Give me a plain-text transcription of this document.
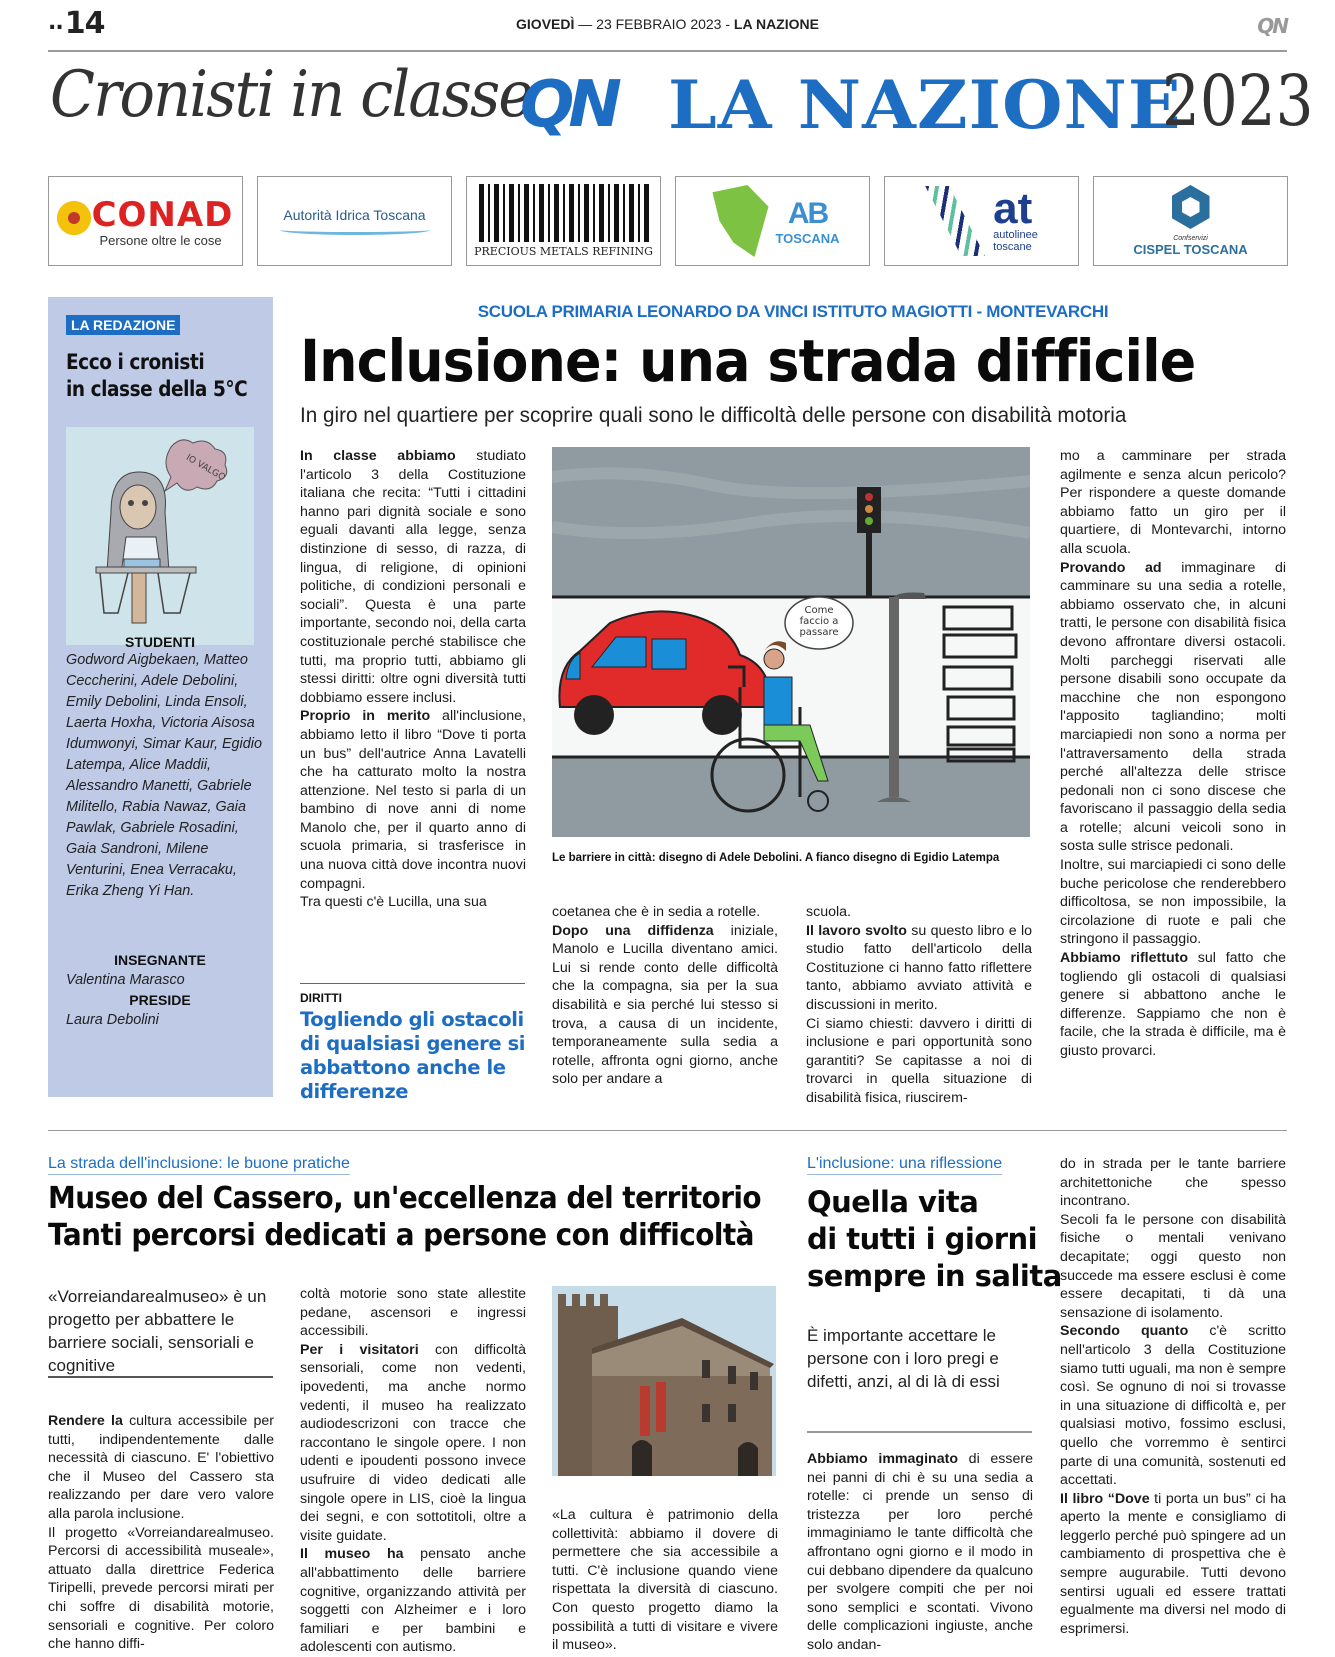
..14	GIOVEDÌ — 23 FEBBRAIO 2023 - LA NAZIONE	QN
Cronisti in classe
QN LA NAZIONE
2023
CONAD
Persone oltre le cose
Autorità Idrica Toscana
PRECIOUS METALS REFINING
AB
TOSCANA
at
autolinee
toscane
Confservizi
CISPEL TOSCANA
LA REDAZIONE
Ecco i cronisti
in classe della 5°C
IO VALGO
STUDENTI
Godword Aigbekaen, Matteo Ceccherini, Adele Debolini, Emily Debolini, Linda Ensoli, Laerta Hoxha, Victoria Aisosa Idumwonyi, Simar Kaur, Egidio Latempa, Alice Maddii, Alessandro Manetti, Gabriele Militello, Rabia Nawaz, Gaia Pawlak, Gabriele Rosadini, Gaia Sandroni, Milene Venturini, Enea Verracaku, Erika Zheng Yi Han.
INSEGNANTE
Valentina Marasco
PRESIDE
Laura Debolini
SCUOLA PRIMARIA LEONARDO DA VINCI ISTITUTO MAGIOTTI - MONTEVARCHI
Inclusione: una strada difficile
In giro nel quartiere per scoprire quali sono le difficoltà delle persone con disabilità motoria

In classe abbiamo studiato l'articolo 3 della Costituzione italiana che recita: “Tutti i cittadini hanno pari dignità sociale e sono eguali davanti alla legge, senza distinzione di sesso, di razza, di lingua, di religione, di opinioni politiche, di condizioni personali e sociali”. Questa è una parte importante, secondo noi, della carta costituzionale perché stabilisce che tutti, ma proprio tutti, abbiamo gli stessi diritti: oltre ogni diversità tutti dobbiamo essere inclusi.

Proprio in merito all'inclusione, abbiamo letto il libro “Dove ti porta un bus” dell'autrice Anna Lavatelli che ha catturato molto la nostra attenzione. Nel testo si parla di un bambino di nove anni di nome Manolo che, per il quarto anno di scuola primaria, si trasferisce in una nuova città dove incontra nuovi compagni.

Tra questi c'è Lucilla, una sua

Come faccio a passare
Le barriere in città: disegno di Adele Debolini. A fianco disegno di Egidio Latempa

coetanea che è in sedia a rotelle.

Dopo una diffidenza iniziale, Manolo e Lucilla diventano amici. Lui si rende conto delle difficoltà che la compagna, sia per la sua disabilità e sia perché lui stesso si trova, a causa di un incidente, temporaneamente sulla sedia a rotelle, affronta ogni giorno, anche solo per andare a

scuola.

Il lavoro svolto su questo libro e lo studio fatto dell'articolo della Costituzione ci hanno fatto riflettere tanto, abbiamo avviato attività e discussioni in merito.

Ci siamo chiesti: davvero i diritti di inclusione e pari opportunità sono garantiti? Se capitasse a noi di trovarci in quella situazione di disabilità fisica, riuscirem-

mo a camminare per strada agilmente e senza alcun pericolo? Per rispondere a queste domande abbiamo fatto un giro per il quartiere, di Montevarchi, intorno alla scuola.

Provando ad immaginare di camminare su una sedia a rotelle, abbiamo osservato che, in alcuni tratti, le persone con disabilità fisica devono affrontare diversi ostacoli. Molti parcheggi riservati alle persone disabili sono occupate da macchine che non espongono l'apposito tagliandino; molti marciapiedi non sono a norma per l'attraversamento della strada perché all'altezza delle strisce pedonali non ci sono discese che favoriscano il passaggio della sedia a rotelle; alcuni veicoli sono in sosta sulle strisce pedonali.

Inoltre, sui marciapiedi ci sono delle buche pericolose che renderebbero difficoltosa, se non impossibile, la circolazione di ruote e pali che stringono il passaggio.

Abbiamo riflettuto sul fatto che togliendo gli ostacoli di qualsiasi genere si abbattono anche le differenze. Sappiamo che non è facile, che la strada è difficile, ma è giusto provarci.

DIRITTI
Togliendo gli ostacoli di qualsiasi genere si abbattono anche le differenze
La strada dell'inclusione: le buone pratiche
Museo del Cassero, un'eccellenza del territorio
Tanti percorsi dedicati a persone con difficoltà
«Vorreiandarealmuseo» è un progetto per abbattere le barriere sociali, sensoriali e cognitive

Rendere la cultura accessibile per tutti, indipendentemente dalle necessità di ciascuno. E' l'obiettivo che il Museo del Cassero sta realizzando per dare vero valore alla parola inclusione.

Il progetto «Vorreiandarealmuseo. Percorsi di accessibilità museale», attuato dalla direttrice Federica Tiripelli, prevede percorsi mirati per chi soffre di disabilità motorie, sensoriali e cognitive. Per coloro che hanno diffi-

coltà motorie sono state allestite pedane, ascensori e ingressi accessibili.

Per i visitatori con difficoltà sensoriali, come non vedenti, ipovedenti, ma anche normo vedenti, il museo ha realizzato audiodescrizoni con tracce che raccontano le singole opere. I non udenti e ipoudenti possono invece usufruire di video dedicati alle singole opere in LIS, cioè la lingua dei segni, e con sottotitoli, oltre a visite guidate.

Il museo ha pensato anche all'abbattimento delle barriere cognitive, organizzando attività per soggetti con Alzheimer e i loro familiari e per bambini e adolescenti con autismo.

«La cultura è patrimonio della collettività: abbiamo il dovere di permettere che sia accessibile a tutti. C'è inclusione quando viene rispettata la diversità di ciascuno. Con questo progetto diamo la possibilità a tutti di visitare e vivere il museo».

L'inclusione: una riflessione
Quella vita
di tutti i giorni
sempre in salita
È importante accettare le persone con i loro pregi e difetti, anzi, al di là di essi

Abbiamo immaginato di essere nei panni di chi è su una sedia a rotelle: ci prende un senso di tristezza per loro perché immaginiamo le tante difficoltà che affrontano ogni giorno e il modo in cui debbano dipendere da qualcuno per svolgere compiti che per noi sono semplici e scontati. Vivono delle complicazioni ingiuste, anche solo andan-

do in strada per le tante barriere architettoniche che spesso incontrano.

Secoli fa le persone con disabilità fisiche o mentali venivano decapitate; oggi questo non succede ma essere esclusi è come essere decapitati, ti dà una sensazione di isolamento.

Secondo quanto c'è scritto nell'articolo 3 della Costituzione siamo tutti uguali, ma non è sempre così. Se ognuno di noi si trovasse in una situazione di difficoltà e, per qualsiasi motivo, fossimo esclusi, quello che vorremmo è sentirci parte di una comunità, sostenuti ed accettati.

Il libro “Dove ti porta un bus” ci ha aperto la mente e consigliamo di leggerlo perché può spingere ad un cambiamento di prospettiva che è sempre augurabile. Tutti devono sentirsi uguali ed essere trattati egualmente ma diversi nel modo di esprimersi.
